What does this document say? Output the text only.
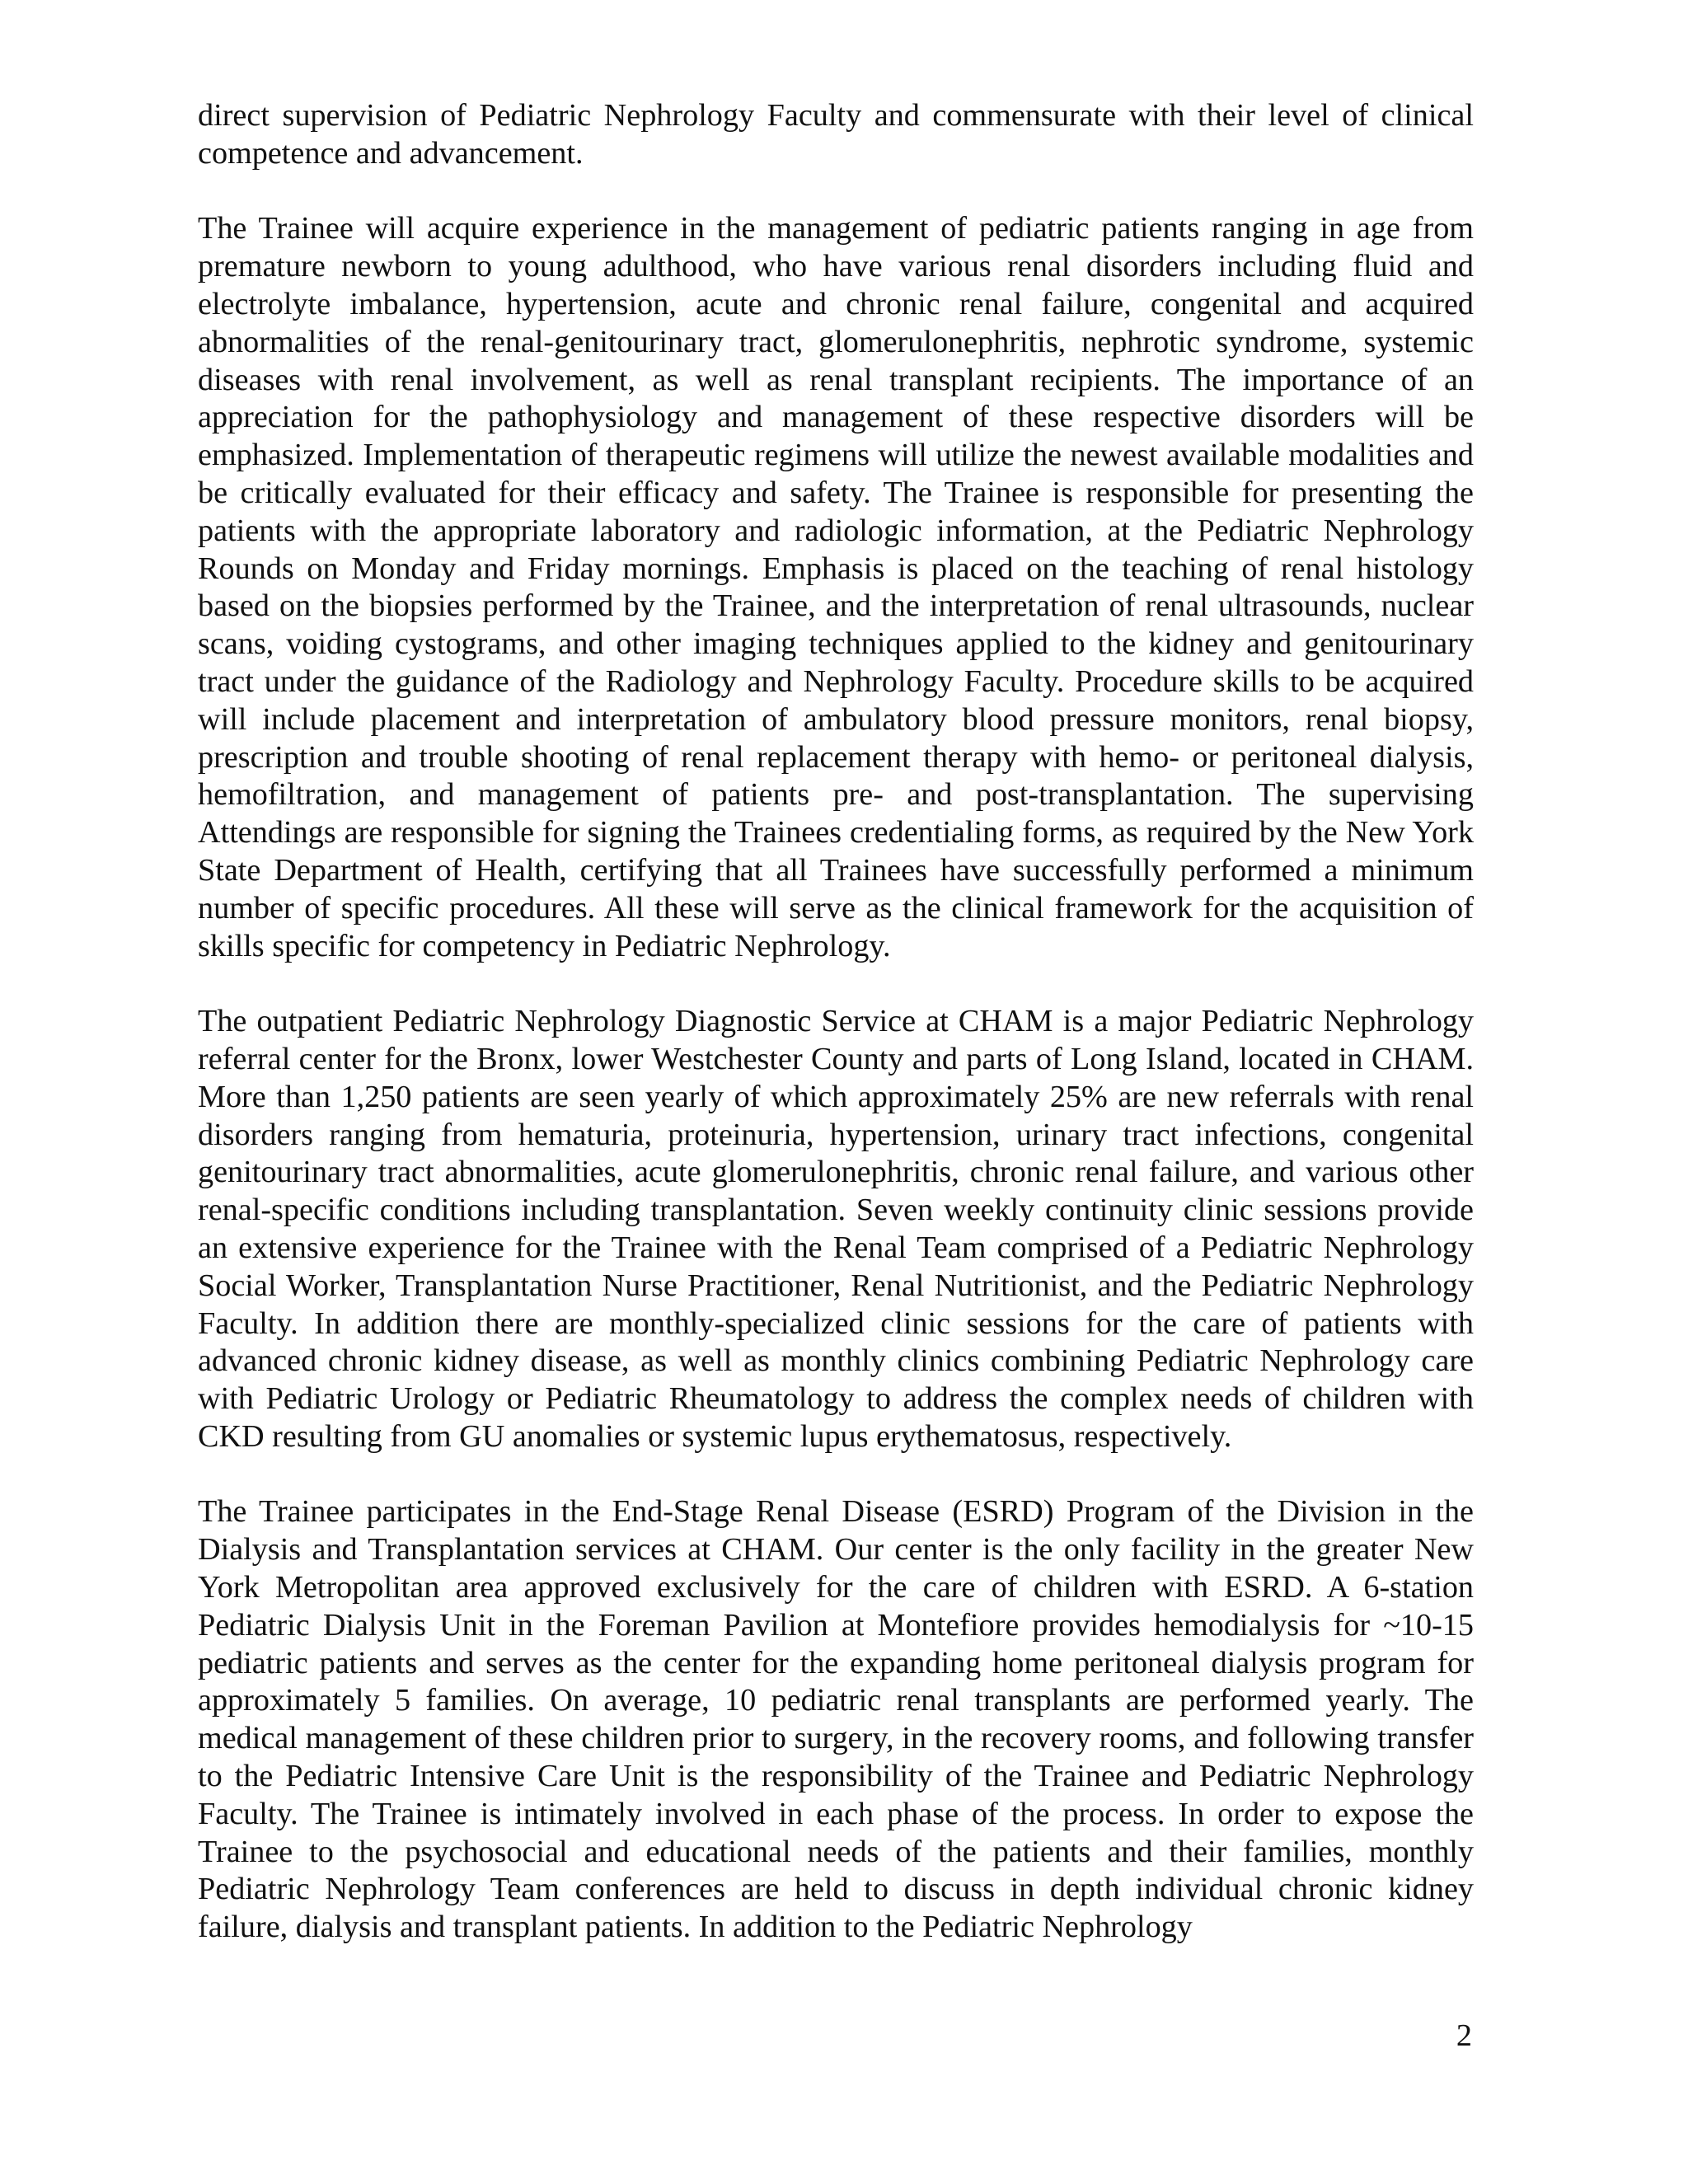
direct supervision of Pediatric Nephrology Faculty and commensurate with their level of clinical competence and advancement.

The Trainee will acquire experience in the management of pediatric patients ranging in age from premature newborn to young adulthood, who have various renal disorders including fluid and electrolyte imbalance, hypertension, acute and chronic renal failure, congenital and acquired abnormalities of the renal-genitourinary tract, glomerulonephritis, nephrotic syndrome, systemic diseases with renal involvement, as well as renal transplant recipients. The importance of an appreciation for the pathophysiology and management of these respective disorders will be emphasized. Implementation of therapeutic regimens will utilize the newest available modalities and be critically evaluated for their efficacy and safety. The Trainee is responsible for presenting the patients with the appropriate laboratory and radiologic information, at the Pediatric Nephrology Rounds on Monday and Friday mornings. Emphasis is placed on the teaching of renal histology based on the biopsies performed by the Trainee, and the interpretation of renal ultrasounds, nuclear scans, voiding cystograms, and other imaging techniques applied to the kidney and genitourinary tract under the guidance of the Radiology and Nephrology Faculty. Procedure skills to be acquired will include placement and interpretation of ambulatory blood pressure monitors, renal biopsy, prescription and trouble shooting of renal replacement therapy with hemo- or peritoneal dialysis, hemofiltration, and management of patients pre- and post-transplantation. The supervising Attendings are responsible for signing the Trainees credentialing forms, as required by the New York State Department of Health, certifying that all Trainees have successfully performed a minimum number of specific procedures. All these will serve as the clinical framework for the acquisition of skills specific for competency in Pediatric Nephrology.

The outpatient Pediatric Nephrology Diagnostic Service at CHAM is a major Pediatric Nephrology referral center for the Bronx, lower Westchester County and parts of Long Island, located in CHAM. More than 1,250 patients are seen yearly of which approximately 25% are new referrals with renal disorders ranging from hematuria, proteinuria, hypertension, urinary tract infections, congenital genitourinary tract abnormalities, acute glomerulonephritis, chronic renal failure, and various other renal-specific conditions including transplantation. Seven weekly continuity clinic sessions provide an extensive experience for the Trainee with the Renal Team comprised of a Pediatric Nephrology Social Worker, Transplantation Nurse Practitioner, Renal Nutritionist, and the Pediatric Nephrology Faculty. In addition there are monthly-specialized clinic sessions for the care of patients with advanced chronic kidney disease, as well as monthly clinics combining Pediatric Nephrology care with Pediatric Urology or Pediatric Rheumatology to address the complex needs of children with CKD resulting from GU anomalies or systemic lupus erythematosus, respectively.

The Trainee participates in the End-Stage Renal Disease (ESRD) Program of the Division in the Dialysis and Transplantation services at CHAM. Our center is the only facility in the greater New York Metropolitan area approved exclusively for the care of children with ESRD. A 6-station Pediatric Dialysis Unit in the Foreman Pavilion at Montefiore provides hemodialysis for ~10-15 pediatric patients and serves as the center for the expanding home peritoneal dialysis program for approximately 5 families. On average, 10 pediatric renal transplants are performed yearly. The medical management of these children prior to surgery, in the recovery rooms, and following transfer to the Pediatric Intensive Care Unit is the responsibility of the Trainee and Pediatric Nephrology Faculty. The Trainee is intimately involved in each phase of the process. In order to expose the Trainee to the psychosocial and educational needs of the patients and their families, monthly Pediatric Nephrology Team conferences are held to discuss in depth individual chronic kidney failure, dialysis and transplant patients. In addition to the Pediatric Nephrology

2
